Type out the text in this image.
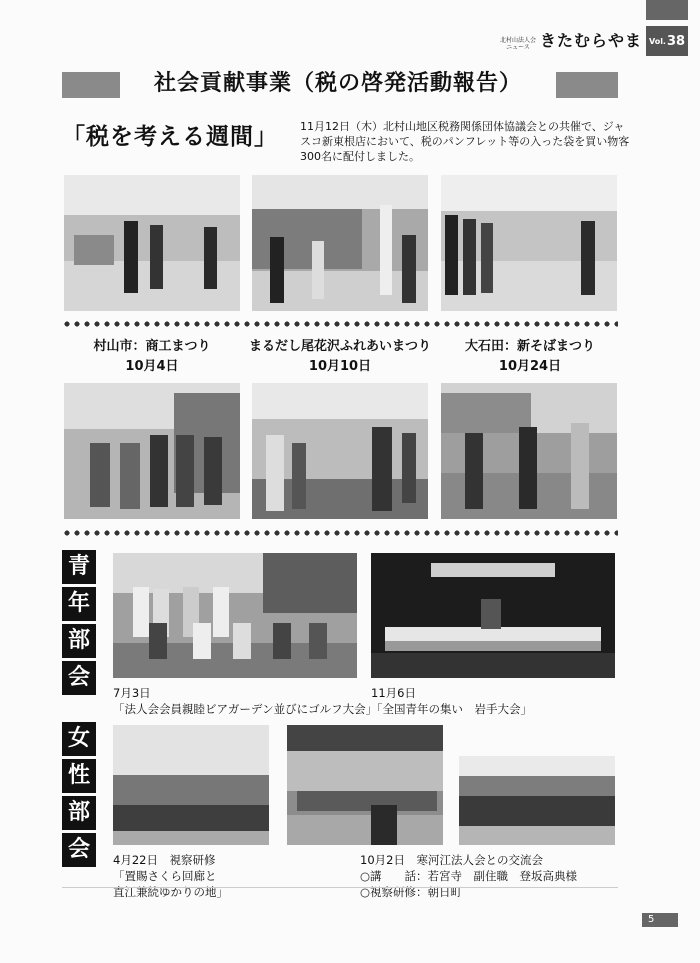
北村山法人会
ニュース きたむらやま Vol. 38
社会貢献事業（税の啓発活動報告）
「税を考える週間」 11月12日（木）北村山地区税務関係団体協議会との共催で、ジャスコ新東根店において、税のパンフレット等の入った袋を買い物客300名に配付しました。
村山市：商工まつり
10月4日
まるだし尾花沢ふれあいまつり
10月10日
大石田：新そばまつり
10月24日
青
年
部
会
7月3日
「法人会会員親睦ビアガーデン並びにゴルフ大会」
11月6日
「全国青年の集い　岩手大会」
女
性
部
会	4月22日　視察研修
「置賜さくら回廊と
直江兼続ゆかりの地」
10月2日　寒河江法人会との交流会
○講　　話：若宮寺　副住職　登坂高典様
○視察研修：朝日町
5
